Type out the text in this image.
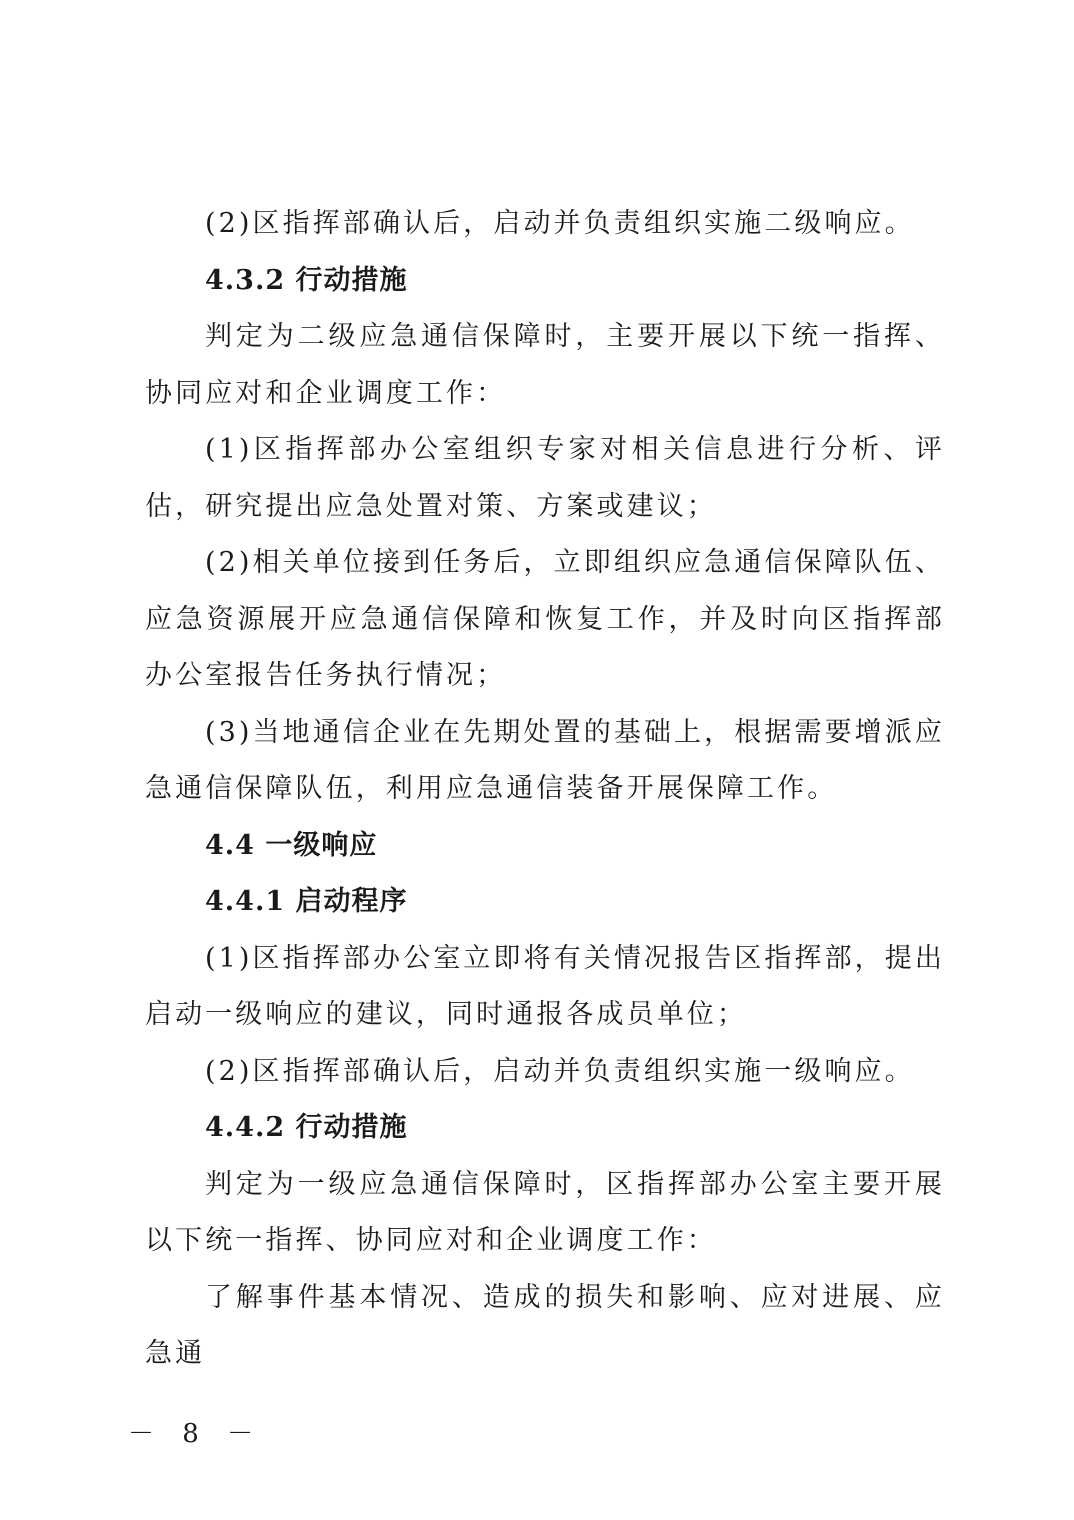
(2)区指挥部确认后，启动并负责组织实施二级响应。

4.3.2 行动措施

判定为二级应急通信保障时，主要开展以下统一指挥、协同应对和企业调度工作：

(1)区指挥部办公室组织专家对相关信息进行分析、评估，研究提出应急处置对策、方案或建议；

(2)相关单位接到任务后，立即组织应急通信保障队伍、应急资源展开应急通信保障和恢复工作，并及时向区指挥部办公室报告任务执行情况；

(3)当地通信企业在先期处置的基础上，根据需要增派应急通信保障队伍，利用应急通信装备开展保障工作。

4.4 一级响应

4.4.1 启动程序

(1)区指挥部办公室立即将有关情况报告区指挥部，提出启动一级响应的建议，同时通报各成员单位；

(2)区指挥部确认后，启动并负责组织实施一级响应。

4.4.2 行动措施

判定为一级应急通信保障时，区指挥部办公室主要开展以下统一指挥、协同应对和企业调度工作：

了解事件基本情况、造成的损失和影响、应对进展、应急通

－ 8 －
